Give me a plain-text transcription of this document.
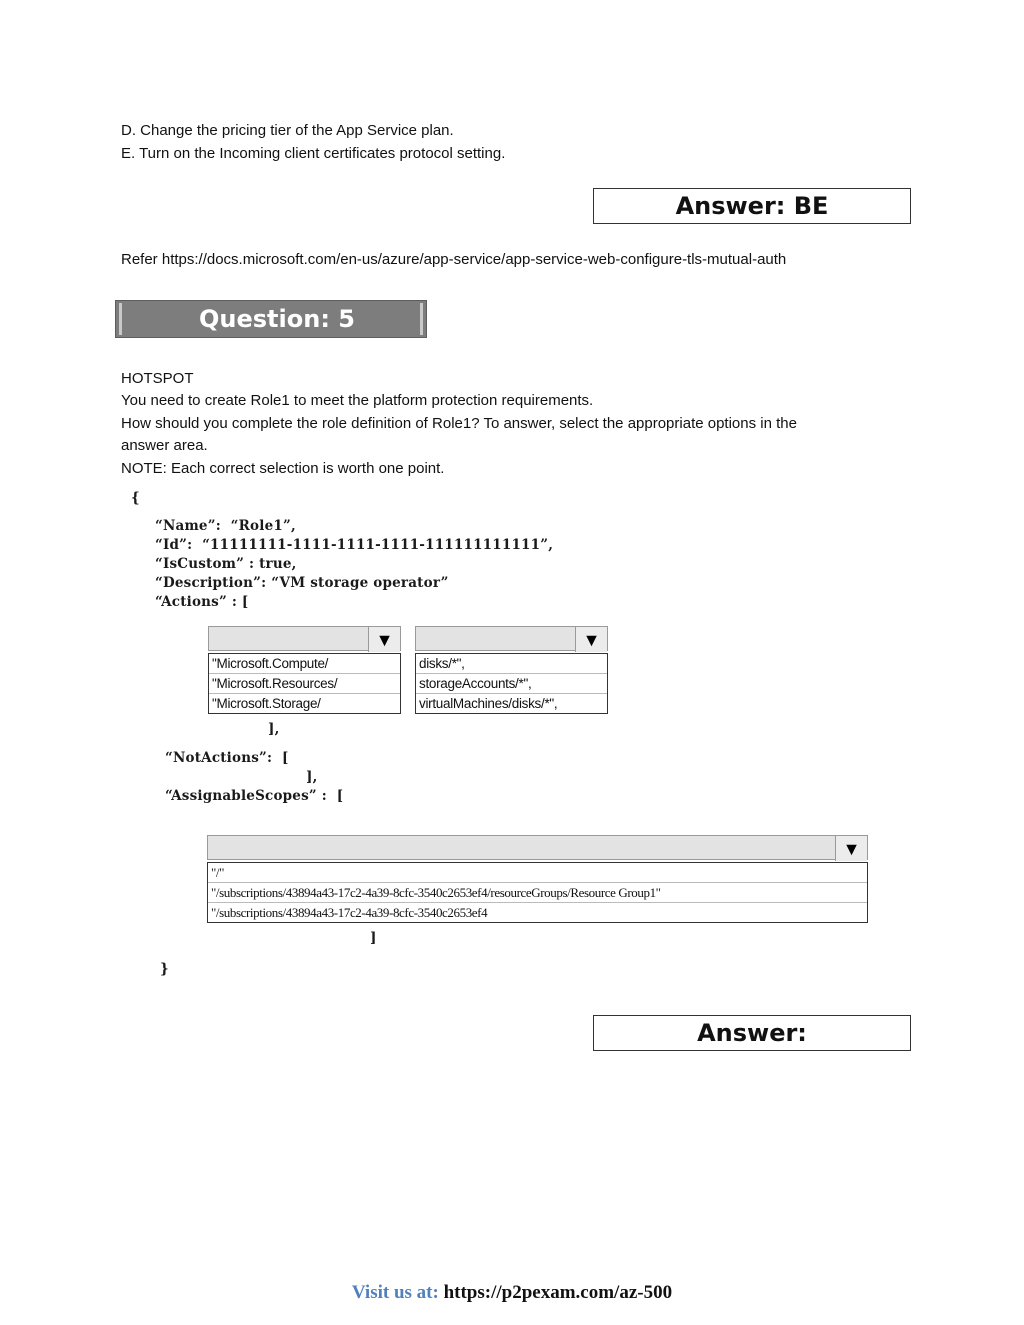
D. Change the pricing tier of the App Service plan.
E. Turn on the Incoming client certificates protocol setting.
Answer: BE
Refer https://docs.microsoft.com/en-us/azure/app-service/app-service-web-configure-tls-mutual-auth
Question: 5
HOTSPOT
You need to create Role1 to meet the platform protection requirements.
How should you complete the role definition of Role1? To answer, select the appropriate options in the
answer area.
NOTE: Each correct selection is worth one point.
{
“Name”:  “Role1”,
“Id”:  “11111111-1111-1111-1111-111111111111”,
“IsCustom” : true,
“Description”: “VM storage operator”
“Actions” : [
▼
"Microsoft.Compute/
"Microsoft.Resources/
"Microsoft.Storage/
▼
disks/*",
storageAccounts/*",
virtualMachines/disks/*",
],
“NotActions”:  [
],
“AssignableScopes” :  [
▼
"/"
"/subscriptions/43894a43-17c2-4a39-8cfc-3540c2653ef4/resourceGroups/Resource Group1"
"/subscriptions/43894a43-17c2-4a39-8cfc-3540c2653ef4
]
}
Answer:
Visit us at: https://p2pexam.com/az-500
